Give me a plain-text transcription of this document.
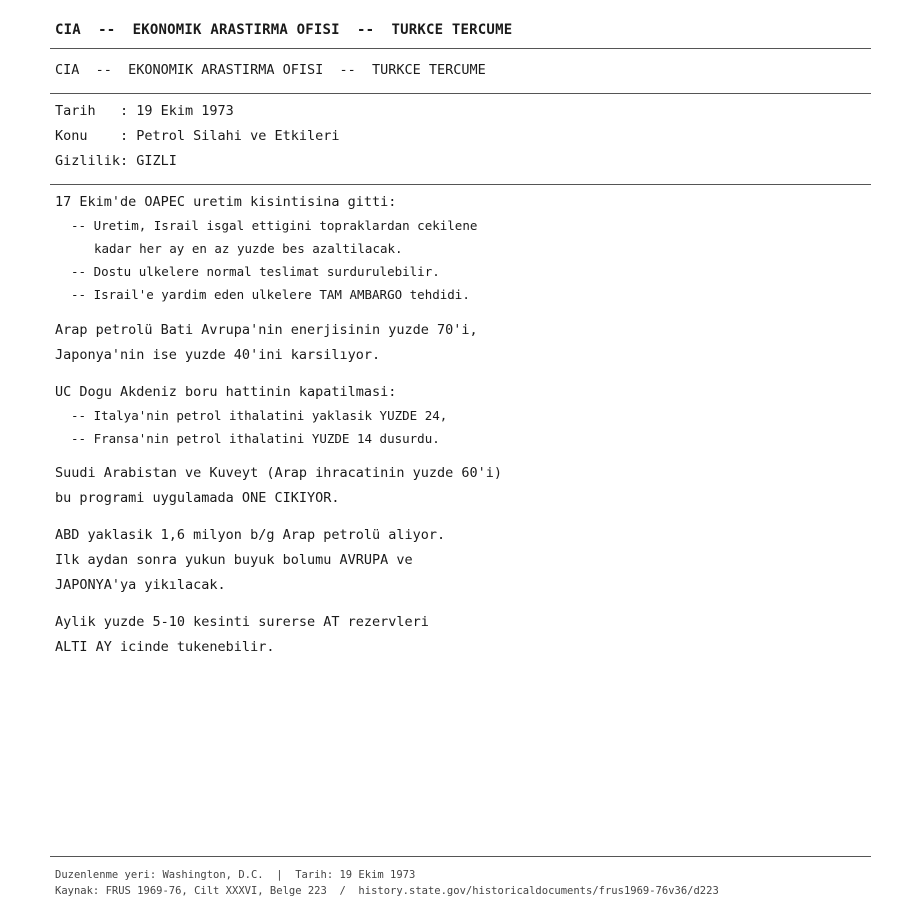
CIA  --  EKONOMIK ARASTIRMA OFISI  --  TURKCE TERCUME
CIA  --  EKONOMIK ARASTIRMA OFISI  --  TURKCE TERCUME
Tarih   : 19 Ekim 1973
Konu    : Petrol Silahi ve Etkileri
Gizlilik: GIZLI
17 Ekim'de OAPEC uretim kisintisina gitti:
-- Uretim, Israil isgal ettigini topraklardan cekilene
kadar her ay en az yuzde bes azaltilacak.
-- Dostu ulkelere normal teslimat surdurulebilir.
-- Israil'e yardim eden ulkelere TAM AMBARGO tehdidi.
Arap petrolü Bati Avrupa'nin enerjisinin yuzde 70'i,
Japonya'nin ise yuzde 40'ini karsilıyor.
UC Dogu Akdeniz boru hattinin kapatilmasi:
-- Italya'nin petrol ithalatini yaklasik YUZDE 24,
-- Fransa'nin petrol ithalatini YUZDE 14 dusurdu.
Suudi Arabistan ve Kuveyt (Arap ihracatinin yuzde 60'i)
bu programi uygulamada ONE CIKIYOR.
ABD yaklasik 1,6 milyon b/g Arap petrolü aliyor.
Ilk aydan sonra yukun buyuk bolumu AVRUPA ve
JAPONYA'ya yikılacak.
Aylik yuzde 5-10 kesinti surerse AT rezervleri
ALTI AY icinde tukenebilir.
Duzenlenme yeri: Washington, D.C.  |  Tarih: 19 Ekim 1973
Kaynak: FRUS 1969-76, Cilt XXXVI, Belge 223  /  history.state.gov/historicaldocuments/frus1969-76v36/d223
